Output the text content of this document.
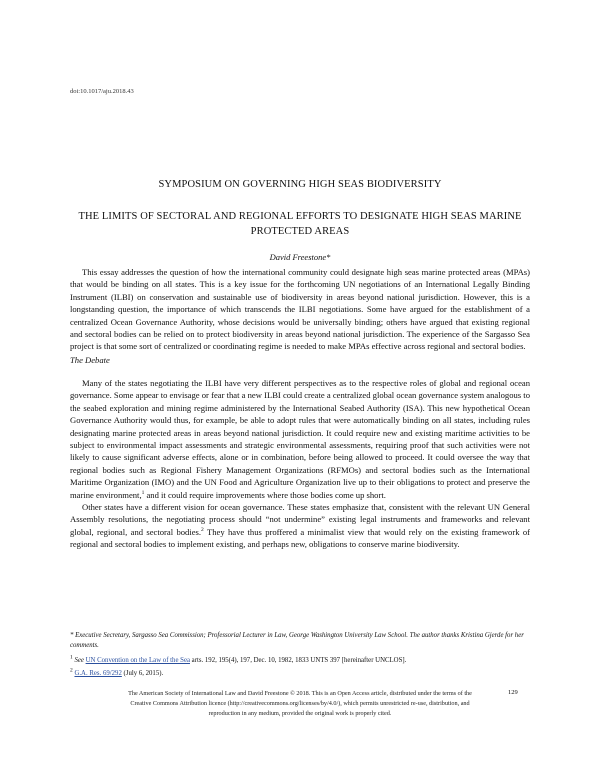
doi:10.1017/aju.2018.43
SYMPOSIUM ON GOVERNING HIGH SEAS BIODIVERSITY
THE LIMITS OF SECTORAL AND REGIONAL EFFORTS TO DESIGNATE HIGH SEAS MARINE PROTECTED AREAS
David Freestone*

This essay addresses the question of how the international community could designate high seas marine protected areas (MPAs) that would be binding on all states. This is a key issue for the forthcoming UN negotiations of an International Legally Binding Instrument (ILBI) on conservation and sustainable use of biodiversity in areas beyond national jurisdiction. However, this is a longstanding question, the importance of which transcends the ILBI negotiations. Some have argued for the establishment of a centralized Ocean Governance Authority, whose decisions would be universally binding; others have argued that existing regional and sectoral bodies can be relied on to protect biodiversity in areas beyond national jurisdiction. The experience of the Sargasso Sea project is that some sort of centralized or coordinating regime is needed to make MPAs effective across regional and sectoral bodies.

The Debate

Many of the states negotiating the ILBI have very different perspectives as to the respective roles of global and regional ocean governance. Some appear to envisage or fear that a new ILBI could create a centralized global ocean governance system analogous to the seabed exploration and mining regime administered by the International Seabed Authority (ISA). This new hypothetical Ocean Governance Authority would thus, for example, be able to adopt rules that were automatically binding on all states, including rules designating marine protected areas in areas beyond national jurisdiction. It could require new and existing maritime activities to be subject to environmental impact assessments and strategic environmental assessments, requiring proof that such activities were not likely to cause significant adverse effects, alone or in combination, before being allowed to proceed. It could oversee the way that regional bodies such as Regional Fishery Management Organizations (RFMOs) and sectoral bodies such as the International Maritime Organization (IMO) and the UN Food and Agriculture Organization live up to their obligations to protect and preserve the marine environment,$^1$ and it could require improvements where those bodies come up short.

Other states have a different vision for ocean governance. These states emphasize that, consistent with the relevant UN General Assembly resolutions, the negotiating process should “not undermine” existing legal instruments and frameworks and relevant global, regional, and sectoral bodies.$^2$ They have thus proffered a minimalist view that would rely on the existing framework of regional and sectoral bodies to implement existing, and perhaps new, obligations to conserve marine biodiversity.

* Executive Secretary, Sargasso Sea Commission; Professorial Lecturer in Law, George Washington University Law School. The author thanks Kristina Gjerde for her comments.
$^1$ See UN Convention on the Law of the Sea arts. 192, 195(4), 197, Dec. 10, 1982, 1833 UNTS 397 [hereinafter UNCLOS].
$^2$ G.A. Res. 69/292 (July 6, 2015).
The American Society of International Law and David Freestone © 2018. This is an Open Access article, distributed under the terms of the Creative Commons Attribution licence (http://creativecommons.org/licenses/by/4.0/), which permits unrestricted re-use, distribution, and reproduction in any medium, provided the original work is properly cited.
129
